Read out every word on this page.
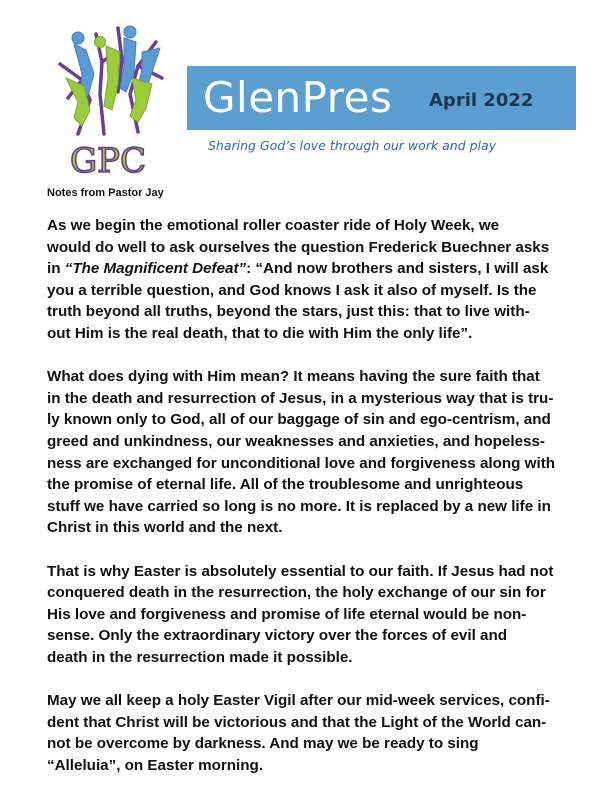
GPC
GlenPres April 2022
Sharing God’s love through our work and play
Notes from Pastor Jay
As we begin the emotional roller coaster ride of Holy Week, we
would do well to ask ourselves the question Frederick Buechner asks
in “The Magnificent Defeat”: “And now brothers and sisters, I will ask
you a terrible question, and God knows I ask it also of myself. Is the
truth beyond all truths, beyond the stars, just this: that to live with-
out Him is the real death, that to die with Him the only life”.
What does dying with Him mean? It means having the sure faith that
in the death and resurrection of Jesus, in a mysterious way that is tru-
ly known only to God, all of our baggage of sin and ego-centrism, and
greed and unkindness, our weaknesses and anxieties, and hopeless-
ness are exchanged for unconditional love and forgiveness along with
the promise of eternal life. All of the troublesome and unrighteous
stuff we have carried so long is no more. It is replaced by a new life in
Christ in this world and the next.
That is why Easter is absolutely essential to our faith. If Jesus had not
conquered death in the resurrection, the holy exchange of our sin for
His love and forgiveness and promise of life eternal would be non-
sense. Only the extraordinary victory over the forces of evil and
death in the resurrection made it possible.
May we all keep a holy Easter Vigil after our mid-week services, confi-
dent that Christ will be victorious and that the Light of the World can-
not be overcome by darkness. And may we be ready to sing
“Alleluia”, on Easter morning.
